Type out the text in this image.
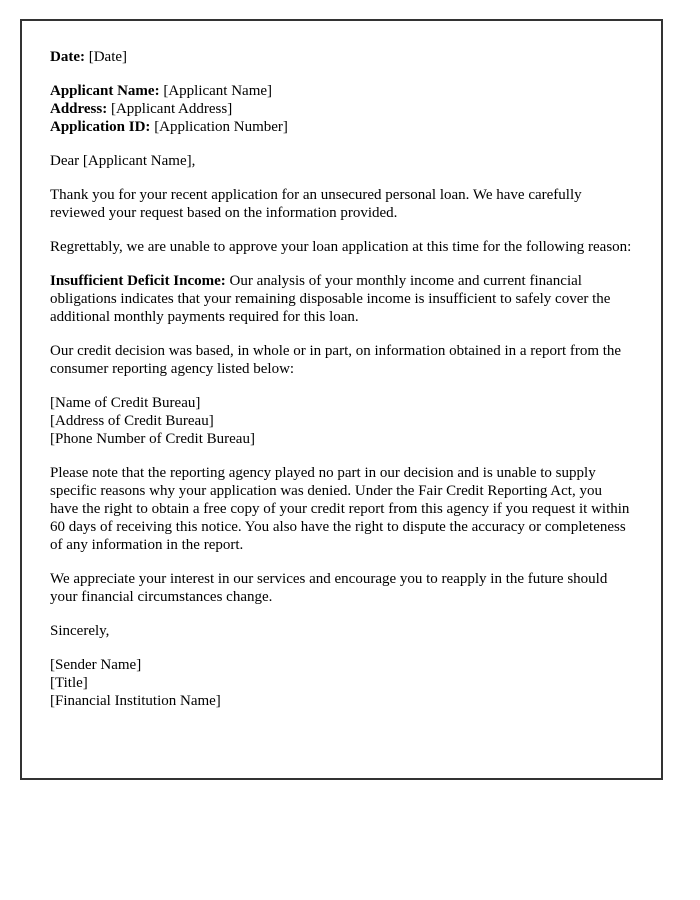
Date: [Date]

Applicant Name: [Applicant Name]
Address: [Applicant Address]
Application ID: [Application Number]

Dear [Applicant Name],

Thank you for your recent application for an unsecured personal loan. We have carefully reviewed your request based on the information provided.

Regrettably, we are unable to approve your loan application at this time for the following reason:

Insufficient Deficit Income: Our analysis of your monthly income and current financial obligations indicates that your remaining disposable income is insufficient to safely cover the additional monthly payments required for this loan.

Our credit decision was based, in whole or in part, on information obtained in a report from the consumer reporting agency listed below:

[Name of Credit Bureau]
[Address of Credit Bureau]
[Phone Number of Credit Bureau]

Please note that the reporting agency played no part in our decision and is unable to supply specific reasons why your application was denied. Under the Fair Credit Reporting Act, you have the right to obtain a free copy of your credit report from this agency if you request it within 60 days of receiving this notice. You also have the right to dispute the accuracy or completeness of any information in the report.

We appreciate your interest in our services and encourage you to reapply in the future should your financial circumstances change.

Sincerely,

[Sender Name]
[Title]
[Financial Institution Name]
